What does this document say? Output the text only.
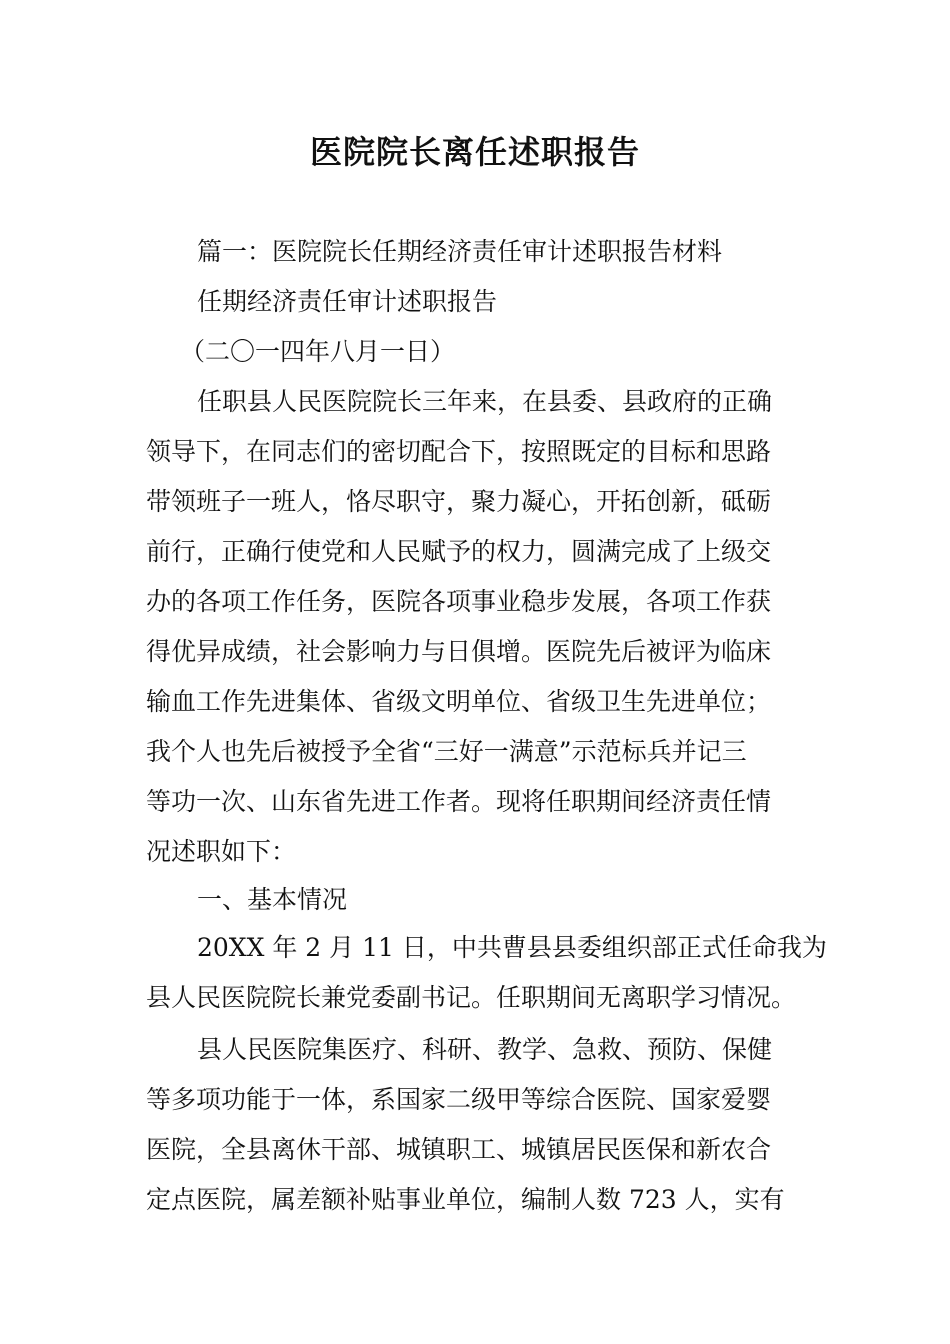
医院院长离任述职报告
篇一：医院院长任期经济责任审计述职报告材料
任期经济责任审计述职报告
（二〇一四年八月一日）
任职县人民医院院长三年来，在县委、县政府的正确
领导下，在同志们的密切配合下，按照既定的目标和思路
带领班子一班人，恪尽职守，聚力凝心，开拓创新，砥砺
前行，正确行使党和人民赋予的权力，圆满完成了上级交
办的各项工作任务，医院各项事业稳步发展，各项工作获
得优异成绩，社会影响力与日俱增。医院先后被评为临床
输血工作先进集体、省级文明单位、省级卫生先进单位；
我个人也先后被授予全省“三好一满意”示范标兵并记三
等功一次、山东省先进工作者。现将任职期间经济责任情
况述职如下：
一、基本情况
20XX 年 2 月 11 日，中共曹县县委组织部正式任命我为
县人民医院院长兼党委副书记。任职期间无离职学习情况。
县人民医院集医疗、科研、教学、急救、预防、保健
等多项功能于一体，系国家二级甲等综合医院、国家爱婴
医院，全县离休干部、城镇职工、城镇居民医保和新农合
定点医院，属差额补贴事业单位，编制人数 723 人，实有
